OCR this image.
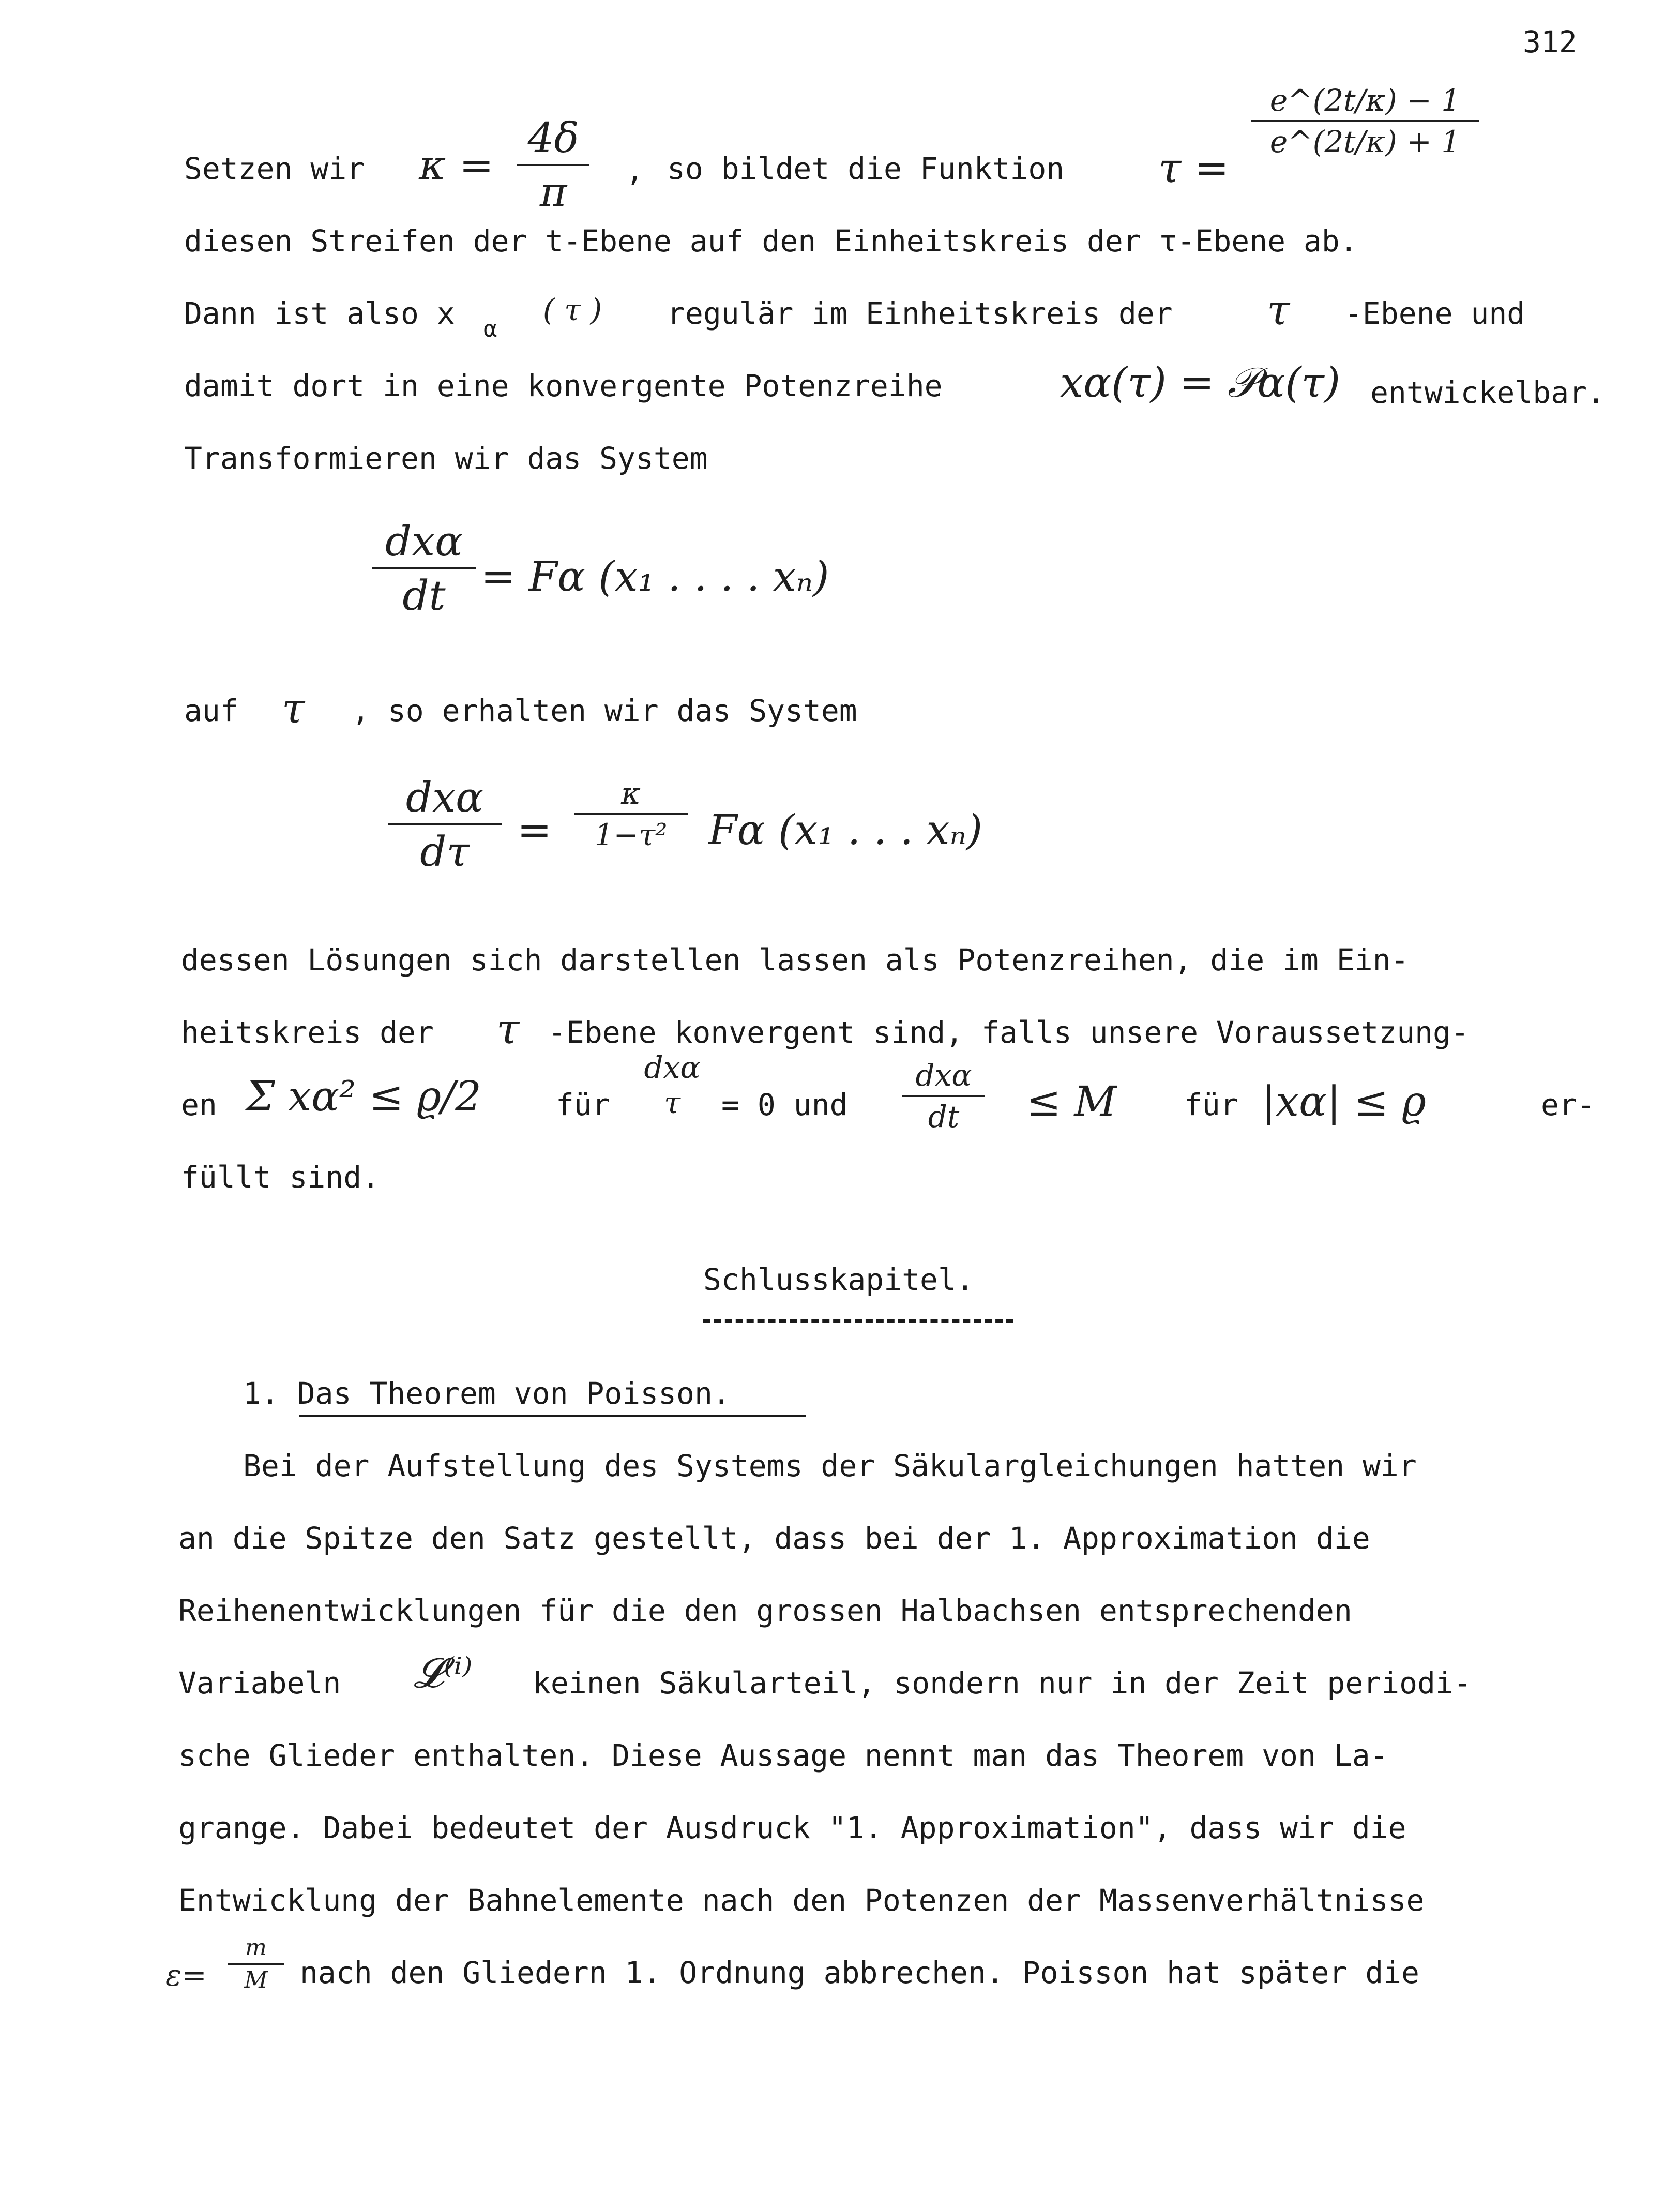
312
Setzen wir κ =
4δ
π	, so bildet die Funktion τ =
e^(2t/κ) − 1
e^(2t/κ) + 1
diesen Streifen der t-Ebene auf den Einheitskreis der τ-Ebene ab.
Dann ist also x α
( τ ) regulär im Einheitskreis der τ -Ebene und
damit dort in eine konvergente Potenzreihe	xα(τ) = 𝒫α(τ) entwickelbar.
Transformieren wir das System
dxα
dt = Fα (x₁ . . . . xₙ)
auf τ , so erhalten wir das System
dxα
dτ	=
κ
1−τ² Fα (x₁ . . . xₙ)
dessen Lösungen sich darstellen lassen als Potenzreihen, die im Ein-
heitskreis der τ -Ebene konvergent sind, falls unsere Voraussetzung-
en Σ xα² ≤ ϱ/2 für
dxα
τ	= 0 und
dxα
dt	≤ M für |xα| ≤ ϱ	er-
füllt sind.
Schlusskapitel.
1. Das Theorem von Poisson.
Bei der Aufstellung des Systems der Säkulargleichungen hatten wir
an die Spitze den Satz gestellt, dass bei der 1. Approximation die
Reihenentwicklungen für die den grossen Halbachsen entsprechenden
Variabeln 𝓛⁽ⁱ⁾ keinen Säkularteil, sondern nur in der Zeit periodi-
sche Glieder enthalten. Diese Aussage nennt man das Theorem von La-
grange. Dabei bedeutet der Ausdruck "1. Approximation", dass wir die
Entwicklung der Bahnelemente nach den Potenzen der Massenverhältnisse
ε=
m
M	nach den Gliedern 1. Ordnung abbrechen. Poisson hat später die
